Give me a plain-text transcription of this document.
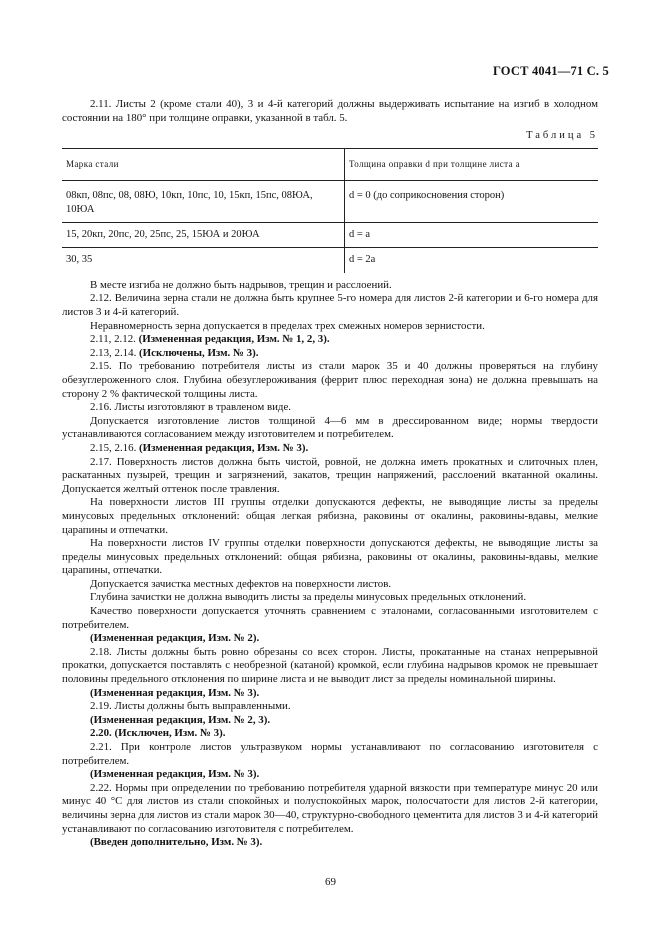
ГОСТ 4041—71 С. 5

2.11. Листы 2 (кроме стали 40), 3 и 4-й категорий должны выдерживать испытание на изгиб в холодном состоянии на 180° при толщине оправки, указанной в табл. 5.

Таблица 5
Марка стали	Толщина оправки d при толщине листа a
08кп, 08пс, 08, 08Ю, 10кп, 10пс, 10, 15кп, 15пс, 08ЮА, 10ЮА	d = 0 (до соприкосновения сторон)
15, 20кп, 20пс, 20, 25пс, 25, 15ЮА и 20ЮА	d = a
30, 35	d = 2a

В месте изгиба не должно быть надрывов, трещин и расслоений.

2.12. Величина зерна стали не должна быть крупнее 5-го номера для листов 2-й категории и 6-го номера для листов 3 и 4-й категорий.

Неравномерность зерна допускается в пределах трех смежных номеров зернистости.

2.11, 2.12. (Измененная редакция, Изм. № 1, 2, 3).

2.13, 2.14. (Исключены, Изм. № 3).

2.15. По требованию потребителя листы из стали марок 35 и 40 должны проверяться на глубину обезуглероженного слоя. Глубина обезуглероживания (феррит плюс переходная зона) не должна превышать на сторону 2 % фактической толщины листа.

2.16. Листы изготовляют в травленом виде.

Допускается изготовление листов толщиной 4—6 мм в дрессированном виде; нормы твердости устанавливаются согласованием между изготовителем и потребителем.

2.15, 2.16. (Измененная редакция, Изм. № 3).

2.17. Поверхность листов должна быть чистой, ровной, не должна иметь прокатных и слиточных плен, раскатанных пузырей, трещин и загрязнений, закатов, трещин напряжений, расслоений вкатанной окалины. Допускается желтый оттенок после травления.

На поверхности листов III группы отделки допускаются дефекты, не выводящие листы за пределы минусовых предельных отклонений: общая легкая рябизна, раковины от окалины, раковины-вдавы, мелкие царапины и отпечатки.

На поверхности листов IV группы отделки поверхности допускаются дефекты, не выводящие листы за пределы минусовых предельных отклонений: общая рябизна, раковины от окалины, раковины-вдавы, мелкие царапины, отпечатки.

Допускается зачистка местных дефектов на поверхности листов.

Глубина зачистки не должна выводить листы за пределы минусовых предельных отклонений.

Качество поверхности допускается уточнять сравнением с эталонами, согласованными изготовителем с потребителем.

(Измененная редакция, Изм. № 2).

2.18. Листы должны быть ровно обрезаны со всех сторон. Листы, прокатанные на станах непрерывной прокатки, допускается поставлять с необрезной (катаной) кромкой, если глубина надрывов кромок не превышает половины предельного отклонения по ширине листа и не выводит лист за пределы номинальной ширины.

(Измененная редакция, Изм. № 3).

2.19. Листы должны быть выправленными.

(Измененная редакция, Изм. № 2, 3).

2.20. (Исключен, Изм. № 3).

2.21. При контроле листов ультразвуком нормы устанавливают по согласованию изготовителя с потребителем.

(Измененная редакция, Изм. № 3).

2.22. Нормы при определении по требованию потребителя ударной вязкости при температуре минус 20 или минус 40 °С для листов из стали спокойных и полуспокойных марок, полосчатости для листов 2-й категории, величины зерна для листов из стали марок 30—40, структурно-свободного цементита для листов 3 и 4-й категорий устанавливают по согласованию изготовителя с потребителем.

(Введен дополнительно, Изм. № 3).

69
